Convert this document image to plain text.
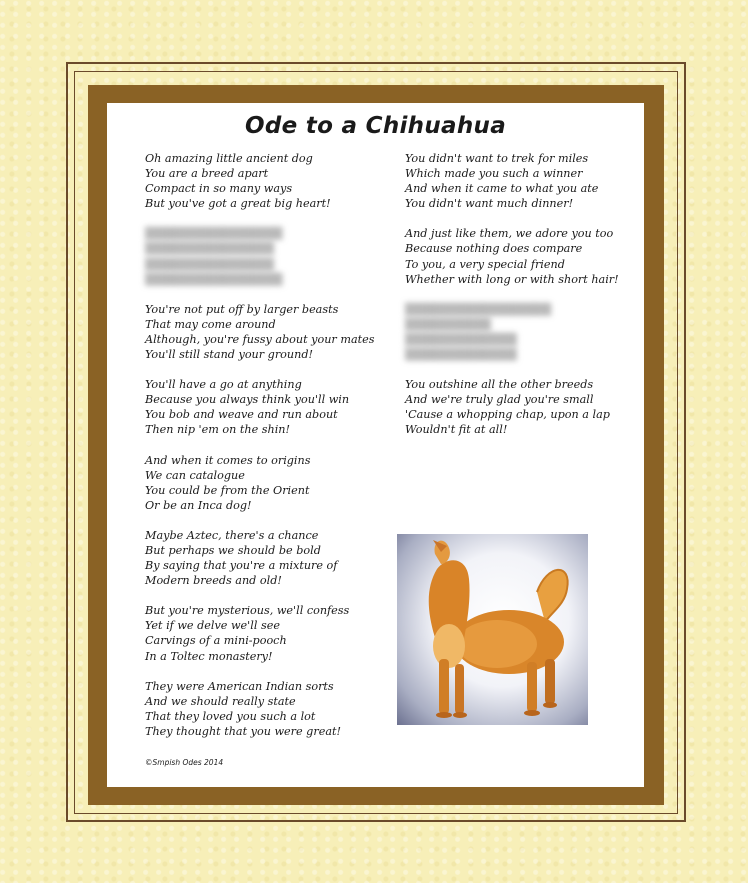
Ode to a Chihuahua
Oh amazing little ancient dog
You are a breed apart
Compact in so many ways
But you've got a great big heart!
▒▒▒▒▒▒▒▒▒▒▒▒▒▒▒▒
▒▒▒▒▒▒▒▒▒▒▒▒▒▒▒
▒▒▒▒▒▒▒▒▒▒▒▒▒▒▒
▒▒▒▒▒▒▒▒▒▒▒▒▒▒▒▒
You're not put off by larger beasts
That may come around
Although, you're fussy about your mates
You'll still stand your ground!
You'll have a go at anything
Because you always think you'll win
You bob and weave and run about
Then nip 'em on the shin!
And when it comes to origins
We can catalogue
You could be from the Orient
Or be an Inca dog!
Maybe Aztec, there's a chance
But perhaps we should be bold
By saying that you're a mixture of
Modern breeds and old!
But you're mysterious, we'll confess
Yet if we delve we'll see
Carvings of a mini-pooch
In a Toltec monastery!
They were American Indian sorts
And we should really state
That they loved you such a lot
They thought that you were great!
You didn't want to trek for miles
Which made you such a winner
And when it came to what you ate
You didn't want much dinner!
And just like them, we adore you too
Because nothing does compare
To you, a very special friend
Whether with long or with short hair!
▒▒▒▒▒▒▒▒▒▒▒▒▒▒▒▒▒
▒▒▒▒▒▒▒▒▒▒
▒▒▒▒▒▒▒▒▒▒▒▒▒
▒▒▒▒▒▒▒▒▒▒▒▒▒
You outshine all the other breeds
And we're truly glad you're small
'Cause a whopping chap, upon a lap
Wouldn't fit at all!
©Smpish Odes 2014
